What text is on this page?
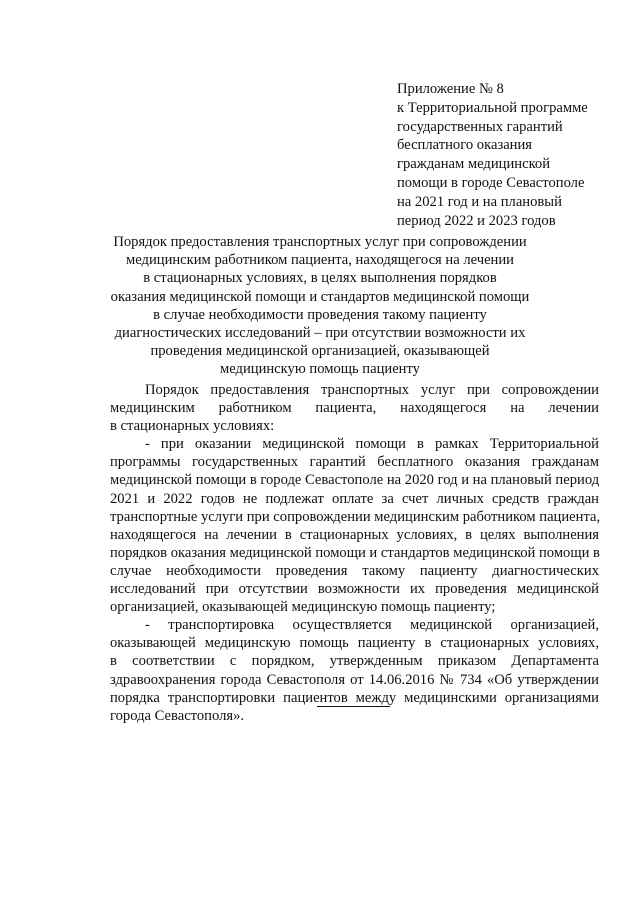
Приложение № 8
к Территориальной программе
государственных гарантий
бесплатного оказания
гражданам медицинской
помощи в городе Севастополе
на 2021 год и на плановый
период 2022 и 2023 годов
Порядок предоставления транспортных услуг при сопровождении
медицинским работником пациента, находящегося на лечении
в стационарных условиях, в целях выполнения порядков
оказания медицинской помощи и стандартов медицинской помощи
в случае необходимости проведения такому пациенту
диагностических исследований – при отсутствии возможности их
проведения медицинской организацией, оказывающей
медицинскую помощь пациенту
Порядок предоставления транспортных услуг при сопровождении
медицинским работником пациента, находящегося на лечении
в стационарных условиях:
- при оказании медицинской помощи в рамках Территориальной
программы государственных гарантий бесплатного оказания гражданам
медицинской помощи в городе Севастополе на 2020 год и на плановый период
2021 и 2022 годов не подлежат оплате за счет личных средств граждан
транспортные услуги при сопровождении медицинским работником пациента,
находящегося на лечении в стационарных условиях, в целях выполнения
порядков оказания медицинской помощи и стандартов медицинской помощи в
случае необходимости проведения такому пациенту диагностических
исследований при отсутствии возможности их проведения медицинской
организацией, оказывающей медицинскую помощь пациенту;
- транспортировка осуществляется медицинской организацией,
оказывающей медицинскую помощь пациенту в стационарных условиях,
в соответствии с порядком, утвержденным приказом Департамента
здравоохранения города Севастополя от 14.06.2016 № 734 «Об утверждении
порядка транспортировки пациентов между медицинскими организациями
города Севастополя».
